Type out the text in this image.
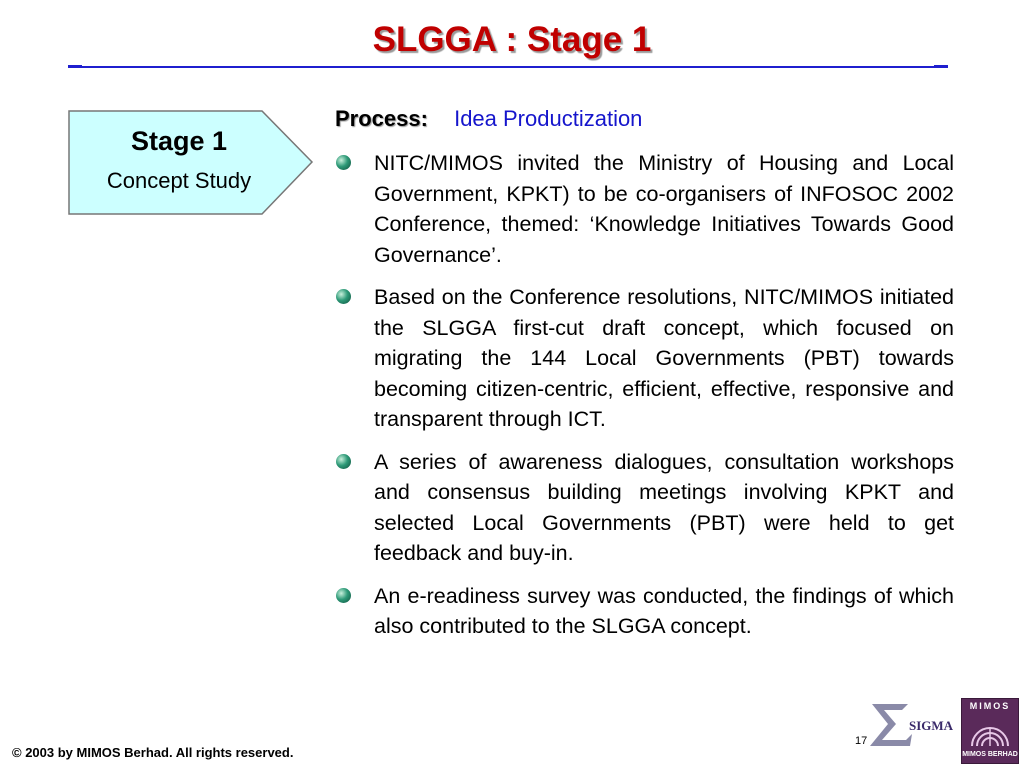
SLGGA : Stage 1
Stage 1
Concept Study
Process: Idea Productization
NITC/MIMOS invited the Ministry of Housing and Local Government, KPKT) to be co-organisers of INFOSOC 2002 Conference, themed: ‘Knowledge Initiatives Towards Good Governance’.
Based on the Conference resolutions, NITC/MIMOS initiated the SLGGA first-cut draft concept, which focused on migrating the 144 Local Governments (PBT) towards becoming citizen-centric, efficient, effective, responsive and transparent through ICT.
A series of awareness dialogues, consultation workshops and consensus building meetings involving KPKT and selected Local Governments (PBT) were held to get feedback and buy-in.
An e-readiness survey was conducted, the findings of which also contributed to the SLGGA concept.
17
© 2003 by MIMOS Berhad. All rights reserved.
SIGMA
MIMOS
MIMOS BERHAD
